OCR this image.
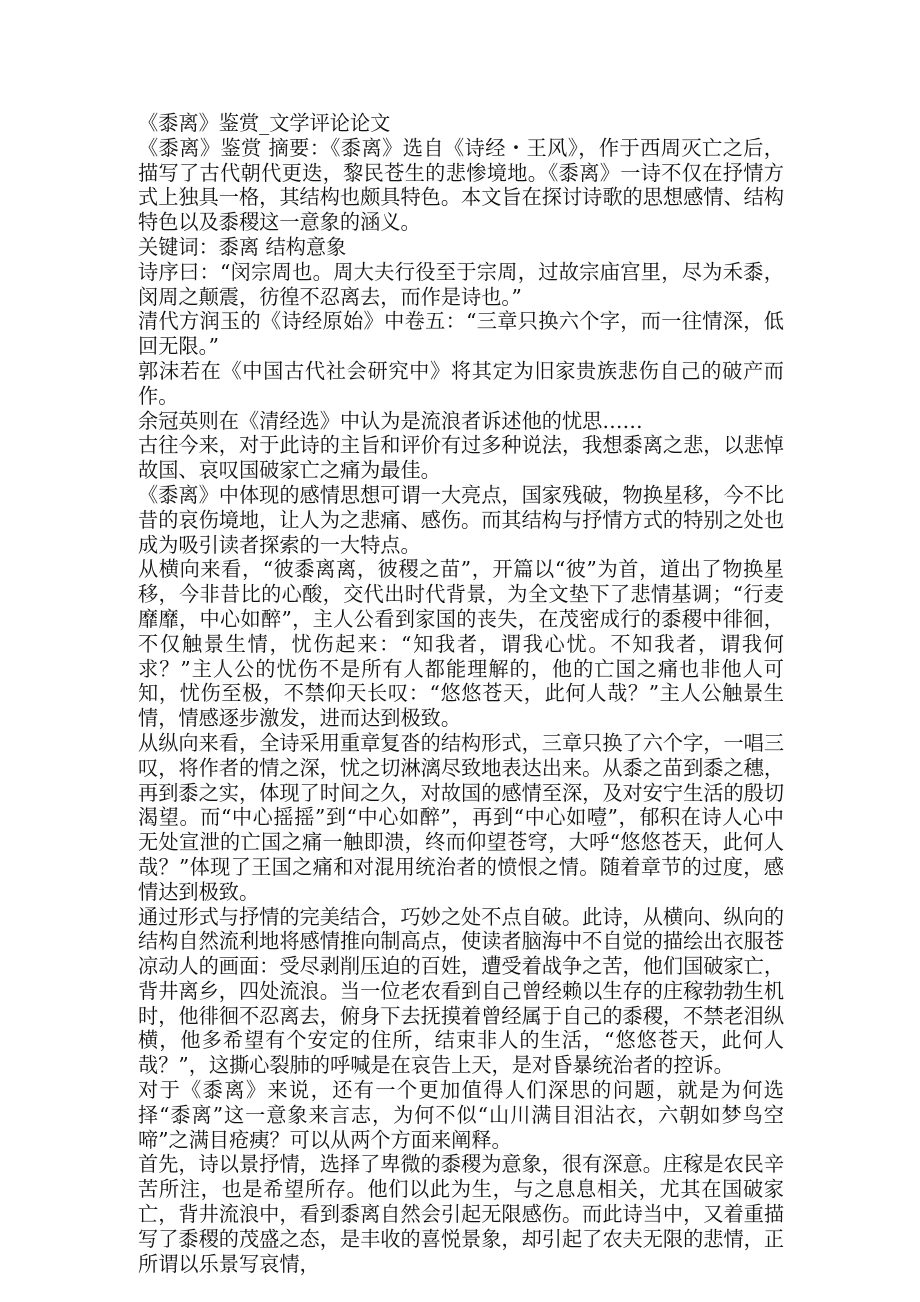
《黍离》鉴赏_文学评论论文

《黍离》鉴赏 摘要：《黍离》选自《诗经・王风》，作于西周灭亡之后，描写了古代朝代更迭，黎民苍生的悲惨境地。《黍离》一诗不仅在抒情方式上独具一格，其结构也颇具特色。本文旨在探讨诗歌的思想感情、结构特色以及黍稷这一意象的涵义。

关键词：黍离 结构意象

诗序曰：“闵宗周也。周大夫行役至于宗周，过故宗庙宫里，尽为禾黍，闵周之颠震，彷徨不忍离去，而作是诗也。”

清代方润玉的《诗经原始》中卷五：“三章只换六个字，而一往情深，低回无限。”

郭沫若在《中国古代社会研究中》将其定为旧家贵族悲伤自己的破产而作。

余冠英则在《清经选》中认为是流浪者诉述他的忧思……

古往今来，对于此诗的主旨和评价有过多种说法，我想黍离之悲，以悲悼故国、哀叹国破家亡之痛为最佳。

《黍离》中体现的感情思想可谓一大亮点，国家残破，物换星移，今不比昔的哀伤境地，让人为之悲痛、感伤。而其结构与抒情方式的特别之处也成为吸引读者探索的一大特点。

从横向来看，“彼黍离离，彼稷之苗”，开篇以“彼”为首，道出了物换星移，今非昔比的心酸，交代出时代背景，为全文垫下了悲情基调；“行麦靡靡，中心如醉”，主人公看到家国的丧失，在茂密成行的黍稷中徘徊，不仅触景生情，忧伤起来：“知我者，谓我心忧。不知我者，谓我何求？”主人公的忧伤不是所有人都能理解的，他的亡国之痛也非他人可知，忧伤至极，不禁仰天长叹：“悠悠苍天，此何人哉？”主人公触景生情，情感逐步激发，进而达到极致。

从纵向来看，全诗采用重章复沓的结构形式，三章只换了六个字，一唱三叹，将作者的情之深，忧之切淋漓尽致地表达出来。从黍之苗到黍之穗，再到黍之实，体现了时间之久，对故国的感情至深，及对安宁生活的殷切渴望。而“中心摇摇”到“中心如醉”，再到“中心如噎”，郁积在诗人心中无处宣泄的亡国之痛一触即溃，终而仰望苍穹，大呼“悠悠苍天，此何人哉？”体现了王国之痛和对混用统治者的愤恨之情。随着章节的过度，感情达到极致。

通过形式与抒情的完美结合，巧妙之处不点自破。此诗，从横向、纵向的结构自然流利地将感情推向制高点，使读者脑海中不自觉的描绘出衣服苍凉动人的画面：受尽剥削压迫的百姓，遭受着战争之苦，他们国破家亡，背井离乡，四处流浪。当一位老农看到自己曾经赖以生存的庄稼勃勃生机时，他徘徊不忍离去，俯身下去抚摸着曾经属于自己的黍稷，不禁老泪纵横，他多希望有个安定的住所，结束非人的生活，“悠悠苍天，此何人哉？”，这撕心裂肺的呼喊是在哀告上天，是对昏暴统治者的控诉。

对于《黍离》来说，还有一个更加值得人们深思的问题，就是为何选择“黍离”这一意象来言志，为何不似“山川满目泪沾衣，六朝如梦鸟空啼”之满目疮痍？可以从两个方面来阐释。

首先，诗以景抒情，选择了卑微的黍稷为意象，很有深意。庄稼是农民辛苦所注，也是希望所存。他们以此为生，与之息息相关，尤其在国破家亡，背井流浪中，看到黍离自然会引起无限感伤。而此诗当中，又着重描写了黍稷的茂盛之态，是丰收的喜悦景象，却引起了农夫无限的悲情，正所谓以乐景写哀情，
